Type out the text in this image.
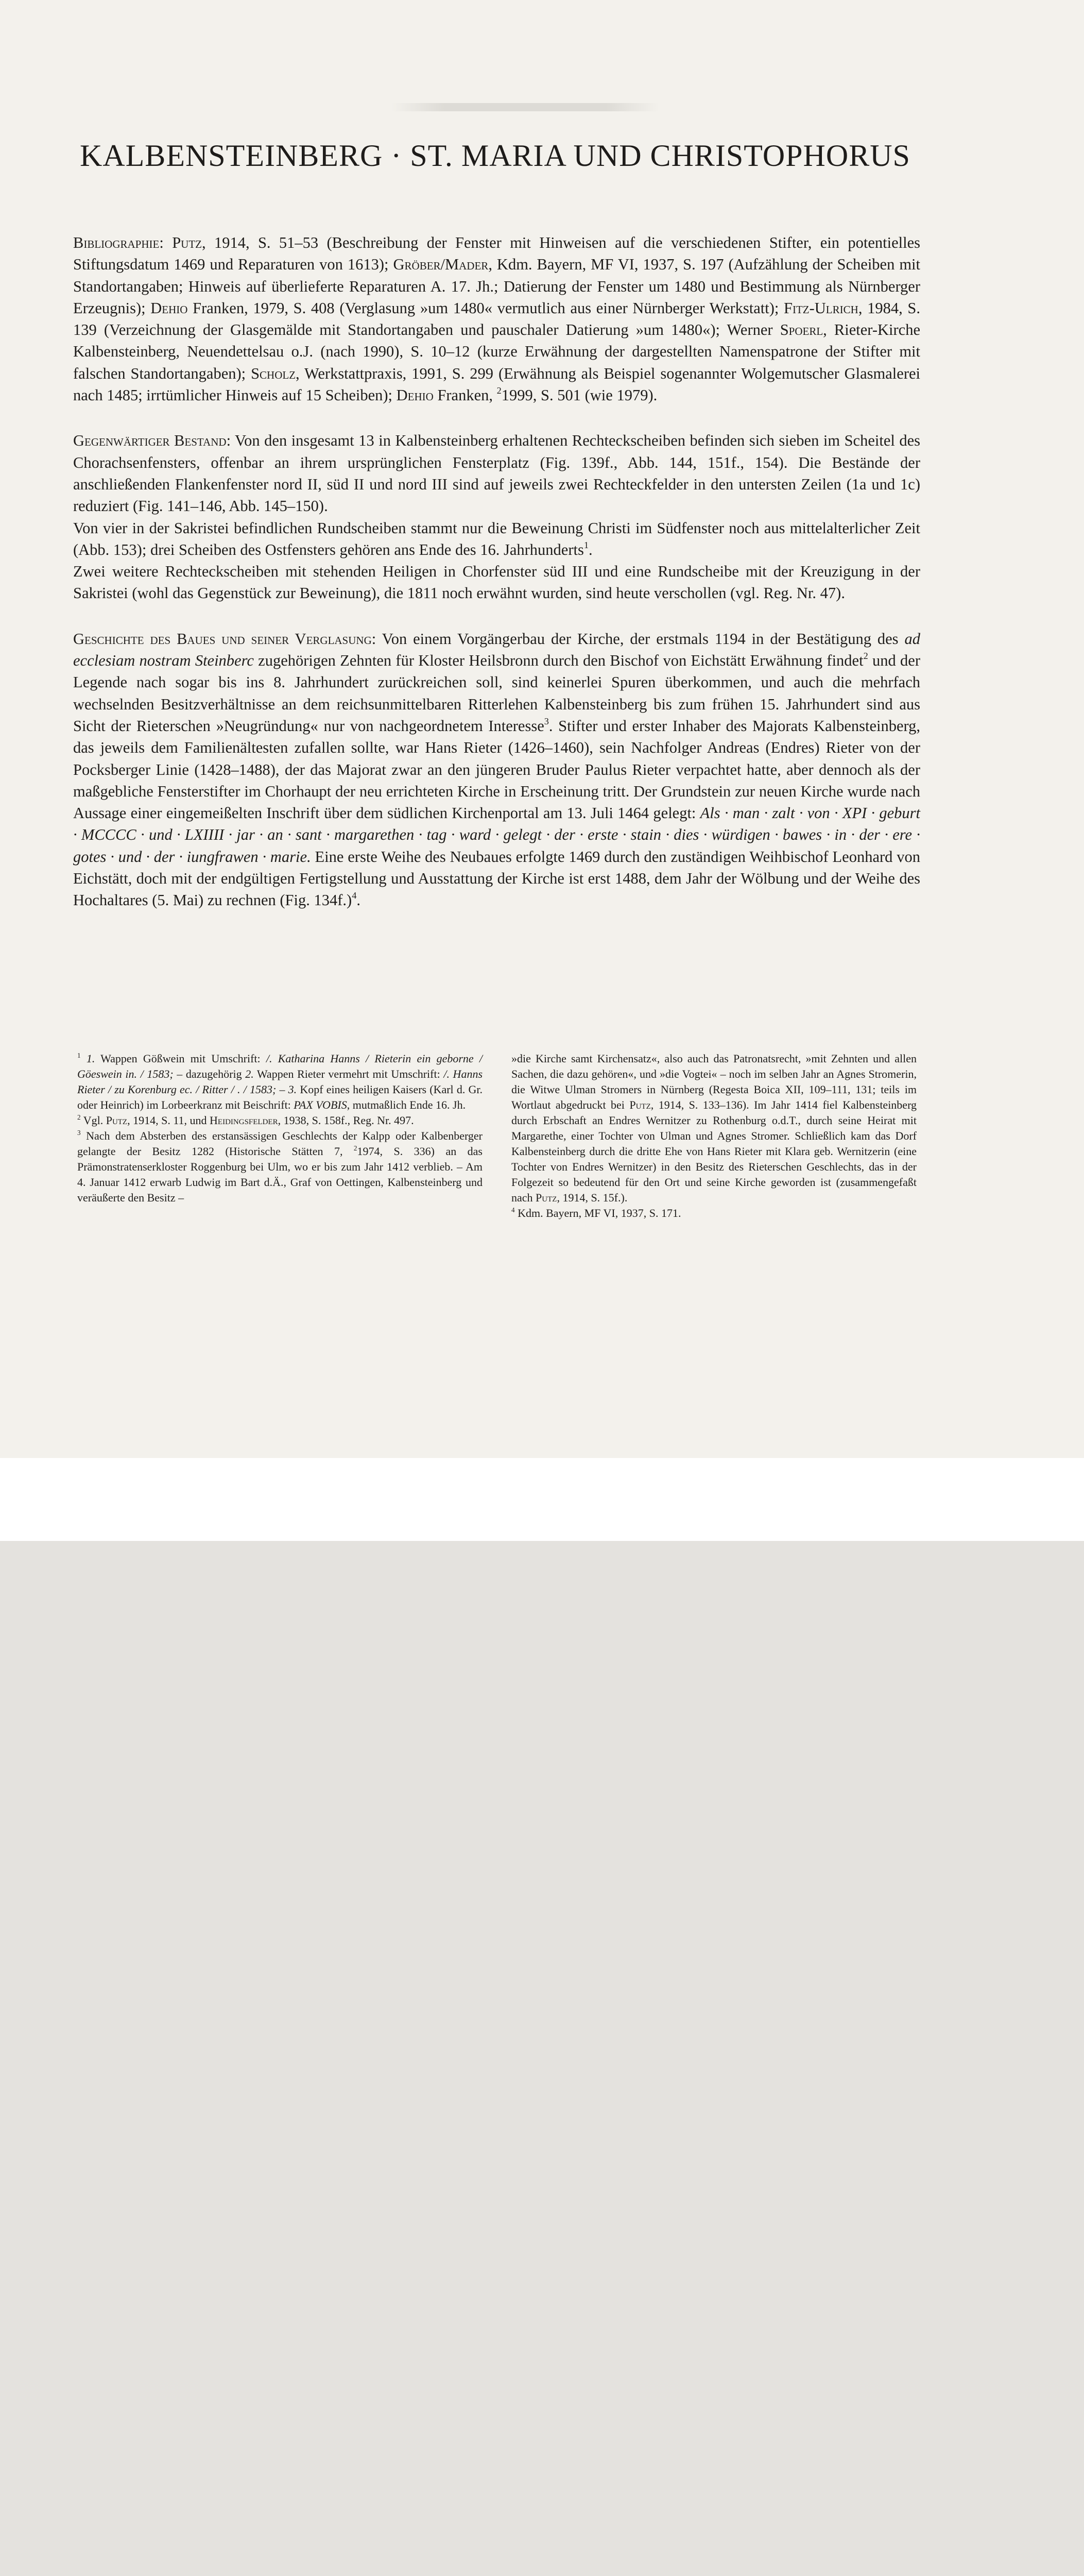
KALBENSTEINBERG · ST. MARIA UND CHRISTOPHORUS

Bibliographie: Putz, 1914, S. 51–53 (Beschreibung der Fenster mit Hinweisen auf die verschiedenen Stifter, ein potentielles Stiftungsdatum 1469 und Reparaturen von 1613); Gröber/Mader, Kdm. Bayern, MF VI, 1937, S. 197 (Aufzählung der Scheiben mit Standortangaben; Hinweis auf überlieferte Reparaturen A. 17. Jh.; Datierung der Fenster um 1480 und Bestimmung als Nürnberger Erzeugnis); Dehio Franken, 1979, S. 408 (Verglasung »um 1480« vermutlich aus einer Nürnberger Werkstatt); Fitz-Ulrich, 1984, S. 139 (Verzeichnung der Glasgemälde mit Standortangaben und pauschaler Datierung »um 1480«); Werner Spoerl, Rieter-Kirche Kalbensteinberg, Neuendettelsau o.J. (nach 1990), S. 10–12 (kurze Erwähnung der dargestellten Namenspatrone der Stifter mit falschen Standortangaben); Scholz, Werkstattpraxis, 1991, S. 299 (Erwähnung als Beispiel sogenannter Wolgemutscher Glasmalerei nach 1485; irrtümlicher Hinweis auf 15 Scheiben); Dehio Franken, $^2$1999, S. 501 (wie 1979).

Gegenwärtiger Bestand: Von den insgesamt 13 in Kalbensteinberg erhaltenen Rechteckscheiben befinden sich sieben im Scheitel des Chorachsenfensters, offenbar an ihrem ursprünglichen Fensterplatz (Fig. 139f., Abb. 144, 151f., 154). Die Bestände der anschließenden Flankenfenster nord II, süd II und nord III sind auf jeweils zwei Rechteckfelder in den untersten Zeilen (1a und 1c) reduziert (Fig. 141–146, Abb. 145–150).

Von vier in der Sakristei befindlichen Rundscheiben stammt nur die Beweinung Christi im Südfenster noch aus mittelalterlicher Zeit (Abb. 153); drei Scheiben des Ostfensters gehören ans Ende des 16. Jahrhunderts$^1$.

Zwei weitere Rechteckscheiben mit stehenden Heiligen in Chorfenster süd III und eine Rundscheibe mit der Kreuzigung in der Sakristei (wohl das Gegenstück zur Beweinung), die 1811 noch erwähnt wurden, sind heute verschollen (vgl. Reg. Nr. 47).

Geschichte des Baues und seiner Verglasung: Von einem Vorgängerbau der Kirche, der erstmals 1194 in der Bestätigung des ad ecclesiam nostram Steinberc zugehörigen Zehnten für Kloster Heilsbronn durch den Bischof von Eichstätt Erwähnung findet$^2$ und der Legende nach sogar bis ins 8. Jahrhundert zurückreichen soll, sind keinerlei Spuren überkommen, und auch die mehrfach wechselnden Besitzverhältnisse an dem reichsunmittelbaren Ritterlehen Kalbensteinberg bis zum frühen 15. Jahrhundert sind aus Sicht der Rieterschen »Neugründung« nur von nachgeordnetem Interesse$^3$. Stifter und erster Inhaber des Majorats Kalbensteinberg, das jeweils dem Familienältesten zufallen sollte, war Hans Rieter (1426–1460), sein Nachfolger Andreas (Endres) Rieter von der Pocksberger Linie (1428–1488), der das Majorat zwar an den jüngeren Bruder Paulus Rieter verpachtet hatte, aber dennoch als der maßgebliche Fensterstifter im Chorhaupt der neu errichteten Kirche in Erscheinung tritt. Der Grundstein zur neuen Kirche wurde nach Aussage einer eingemeißelten Inschrift über dem südlichen Kirchenportal am 13. Juli 1464 gelegt: Als · man · zalt · von · XPI · geburt · MCCCC · und · LXIIII · jar · an · sant · margarethen · tag · ward · gelegt · der · erste · stain · dies · würdigen · bawes · in · der · ere · gotes · und · der · iungfrawen · marie. Eine erste Weihe des Neubaues erfolgte 1469 durch den zuständigen Weihbischof Leonhard von Eichstätt, doch mit der endgültigen Fertigstellung und Ausstattung der Kirche ist erst 1488, dem Jahr der Wölbung und der Weihe des Hochaltares (5. Mai) zu rechnen (Fig. 134f.)$^4$.

$^1$ 1. Wappen Gößwein mit Umschrift: /. Katharina Hanns / Rieterin ein geborne / Göeswein in. / 1583; – dazugehörig 2. Wappen Rieter vermehrt mit Umschrift: /. Hanns Rieter / zu Korenburg ec. / Ritter / . / 1583; – 3. Kopf eines heiligen Kaisers (Karl d. Gr. oder Heinrich) im Lorbeerkranz mit Beischrift: PAX VOBIS, mutmaßlich Ende 16. Jh.

$^2$ Vgl. Putz, 1914, S. 11, und Heidingsfelder, 1938, S. 158f., Reg. Nr. 497.

$^3$ Nach dem Absterben des erstansässigen Geschlechts der Kalpp oder Kalbenberger gelangte der Besitz 1282 (Historische Stätten 7, $^2$1974, S. 336) an das Prämonstratenserkloster Roggenburg bei Ulm, wo er bis zum Jahr 1412 verblieb. – Am 4. Januar 1412 erwarb Ludwig im Bart d.Ä., Graf von Oettingen, Kalbensteinberg und veräußerte den Besitz –

»die Kirche samt Kirchensatz«, also auch das Patronatsrecht, »mit Zehnten und allen Sachen, die dazu gehören«, und »die Vogtei« – noch im selben Jahr an Agnes Stromerin, die Witwe Ulman Stromers in Nürnberg (Regesta Boica XII, 109–111, 131; teils im Wortlaut abgedruckt bei Putz, 1914, S. 133–136). Im Jahr 1414 fiel Kalbensteinberg durch Erbschaft an Endres Wernitzer zu Rothenburg o.d.T., durch seine Heirat mit Margarethe, einer Tochter von Ulman und Agnes Stromer. Schließlich kam das Dorf Kalbensteinberg durch die dritte Ehe von Hans Rieter mit Klara geb. Wernitzerin (eine Tochter von Endres Wernitzer) in den Besitz des Rieterschen Geschlechts, das in der Folgezeit so bedeutend für den Ort und seine Kirche geworden ist (zusammengefaßt nach Putz, 1914, S. 15f.).

$^4$ Kdm. Bayern, MF VI, 1937, S. 171.
